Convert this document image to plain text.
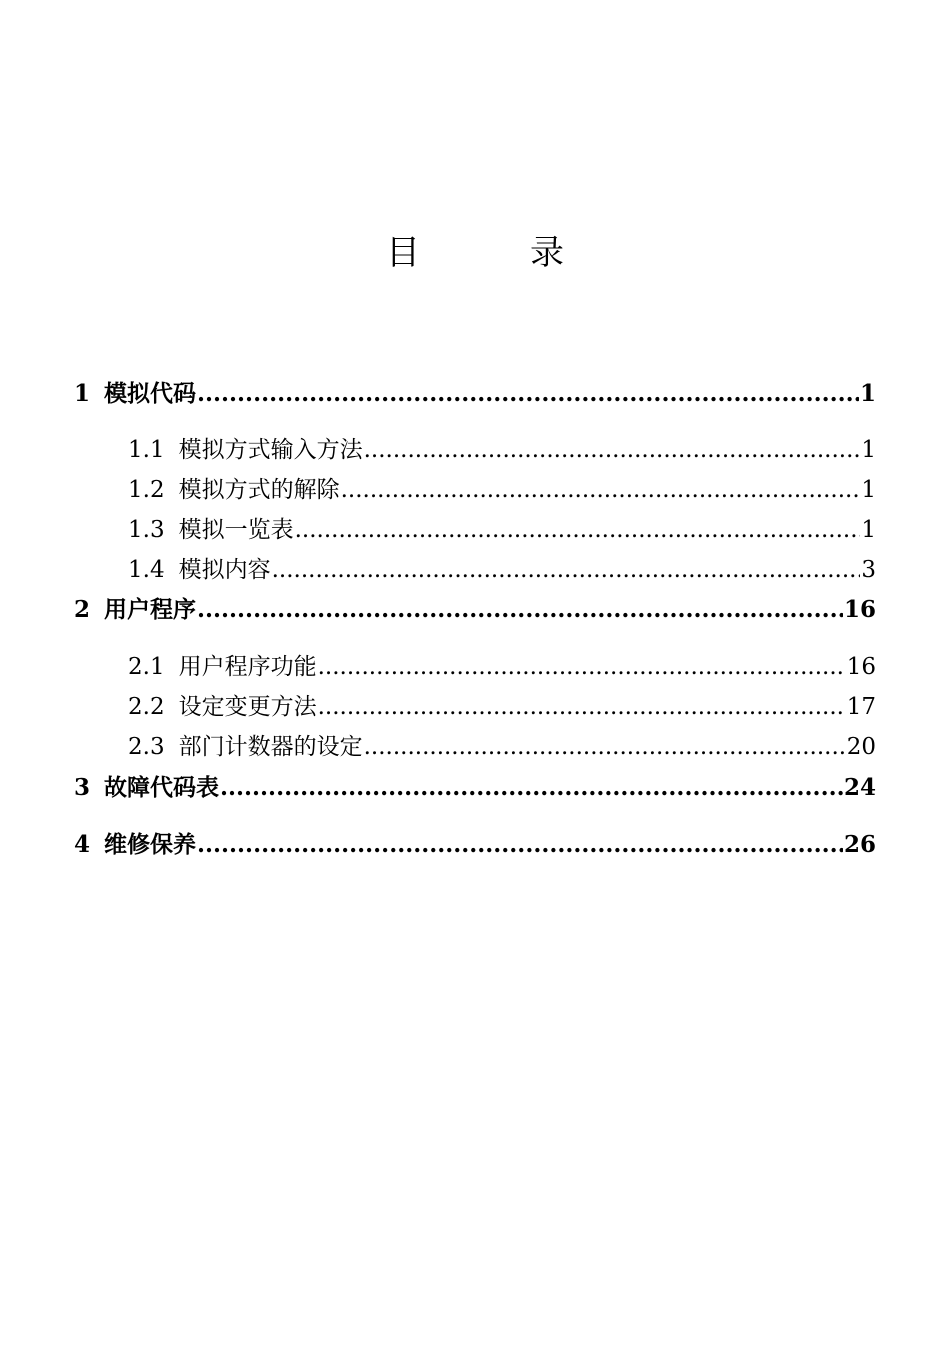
目	录
1 模拟代码 .....	1
1.1 模拟方式输入方法 .....	1
1.2 模拟方式的解除 .....	1
1.3 模拟一览表 .....	1
1.4 模拟内容 .....	3
2 用户程序 .....	16
2.1 用户程序功能 .....	16
2.2 设定变更方法 .....	17
2.3 部门计数器的设定 .....	20
3 故障代码表 .....	24
4 维修保养 .....	26
